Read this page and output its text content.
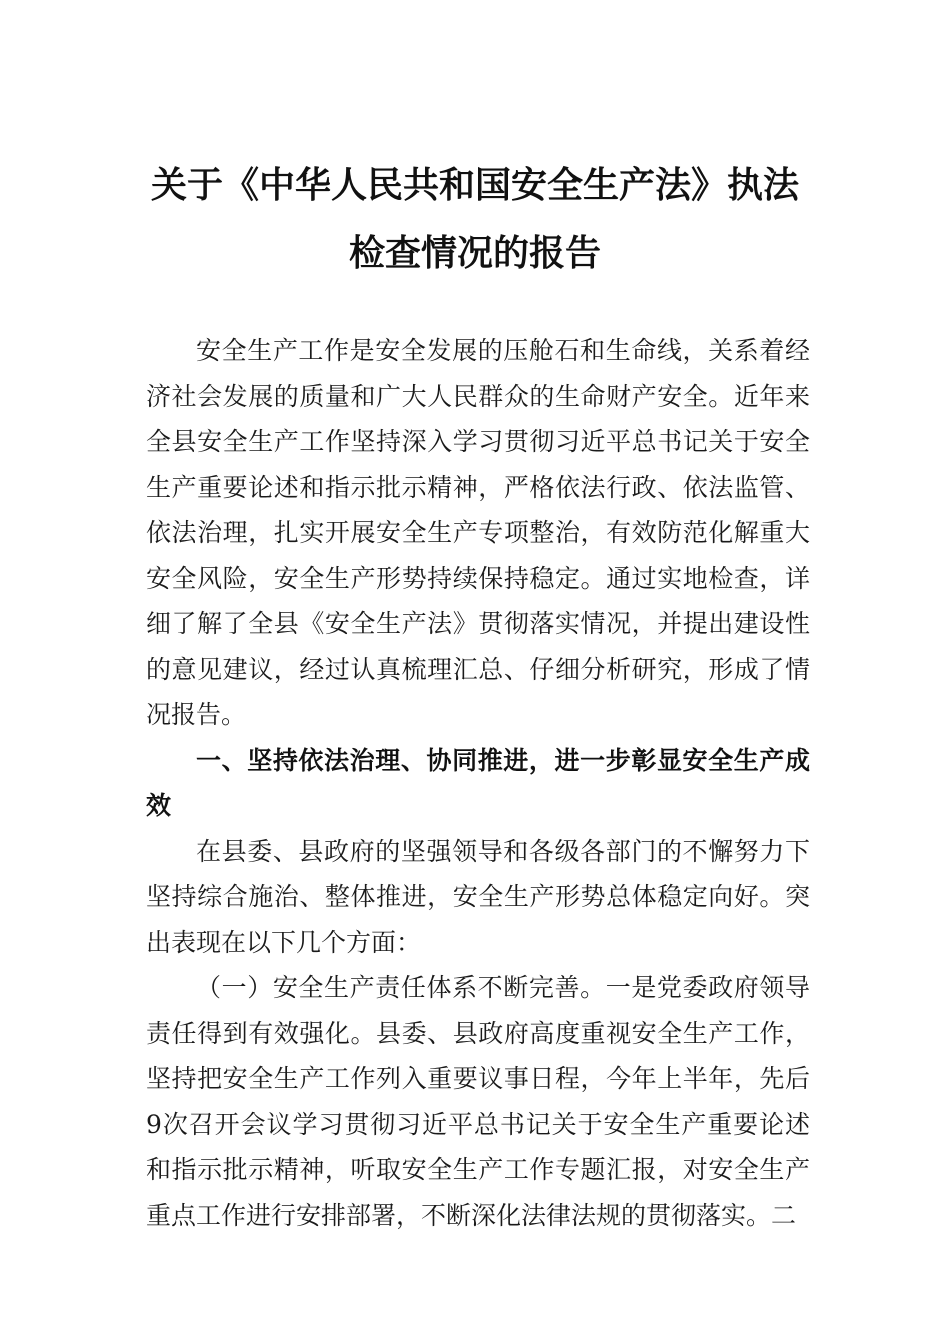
关于《中华人民共和国安全生产法》执法
检查情况的报告

安全生产工作是安全发展的压舱石和生命线，关系着经济社会发展的质量和广大人民群众的生命财产安全。近年来全县安全生产工作坚持深入学习贯彻习近平总书记关于安全生产重要论述和指示批示精神，严格依法行政、依法监管、依法治理，扎实开展安全生产专项整治，有效防范化解重大安全风险，安全生产形势持续保持稳定。通过实地检查，详细了解了全县《安全生产法》贯彻落实情况，并提出建设性的意见建议，经过认真梳理汇总、仔细分析研究，形成了情况报告。

一、坚持依法治理、协同推进，进一步彰显安全生产成效

在县委、县政府的坚强领导和各级各部门的不懈努力下坚持综合施治、整体推进，安全生产形势总体稳定向好。突出表现在以下几个方面：

（一）安全生产责任体系不断完善。一是党委政府领导责任得到有效强化。县委、县政府高度重视安全生产工作，坚持把安全生产工作列入重要议事日程，今年上半年，先后9次召开会议学习贯彻习近平总书记关于安全生产重要论述和指示批示精神，听取安全生产工作专题汇报，对安全生产重点工作进行安排部署，不断深化法律法规的贯彻落实。二
